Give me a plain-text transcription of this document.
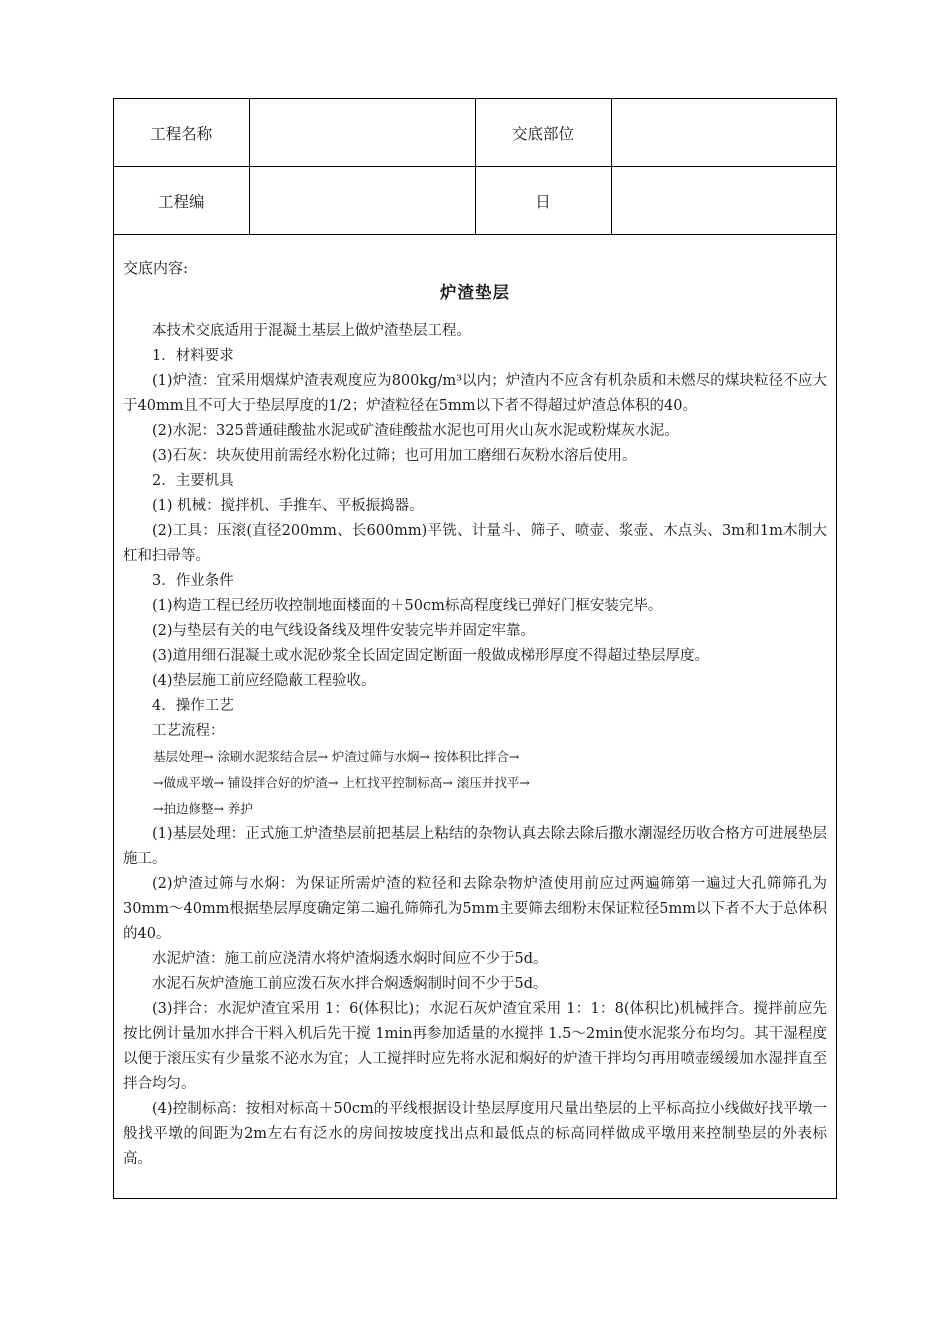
工程名称		交底部位	
工程编		日	
交底内容:
炉渣垫层

本技术交底适用于混凝土基层上做炉渣垫层工程。

1．材料要求

(1)炉渣：宜采用烟煤炉渣表观度应为800kg/m³以内；炉渣内不应含有机杂质和未燃尽的煤块粒径不应大于40mm且不可大于垫层厚度的1/2；炉渣粒径在5mm以下者不得超过炉渣总体积的40。

(2)水泥：325普通硅酸盐水泥或矿渣硅酸盐水泥也可用火山灰水泥或粉煤灰水泥。

(3)石灰：块灰使用前需经水粉化过筛；也可用加工磨细石灰粉水溶后使用。

2．主要机具

(1) 机械：搅拌机、手推车、平板振捣器。

(2)工具：压滚(直径200mm、长600mm)平铣、计量斗、筛子、喷壶、浆壶、木点头、3m和1m木制大杠和扫帚等。

3．作业条件

(1)构造工程已经历收控制地面楼面的＋50cm标高程度线已弹好门框安装完毕。

(2)与垫层有关的电气线设备线及埋件安装完毕并固定牢靠。

(3)道用细石混凝土或水泥砂浆全长固定固定断面一般做成梯形厚度不得超过垫层厚度。

(4)垫层施工前应经隐蔽工程验收。

4．操作工艺

工艺流程：

基层处理→ 涂刷水泥浆结合层→ 炉渣过筛与水焖→ 按体积比拌合→

→做成平墩→ 铺设拌合好的炉渣→ 上杠找平控制标高→ 滚压并找平→

→拍边修整→ 养护

(1)基层处理：正式施工炉渣垫层前把基层上粘结的杂物认真去除去除后撒水潮湿经历收合格方可进展垫层施工。

(2)炉渣过筛与水焖：为保证所需炉渣的粒径和去除杂物炉渣使用前应过两遍筛第一遍过大孔筛筛孔为30mm～40mm根据垫层厚度确定第二遍孔筛筛孔为5mm主要筛去细粉末保证粒径5mm以下者不大于总体积的40。

水泥炉渣：施工前应浇清水将炉渣焖透水焖时间应不少于5d。

水泥石灰炉渣施工前应泼石灰水拌合焖透焖制时间不少于5d。

(3)拌合：水泥炉渣宜采用 1：6(体积比)；水泥石灰炉渣宜采用 1：1：8(体积比)机械拌合。搅拌前应先按比例计量加水拌合干料入机后先干搅 1min再参加适量的水搅拌 1.5～2min使水泥浆分布均匀。其干湿程度以便于滚压实有少量浆不泌水为宜；人工搅拌时应先将水泥和焖好的炉渣干拌均匀再用喷壶缓缓加水湿拌直至拌合均匀。

(4)控制标高：按相对标高＋50cm的平线根据设计垫层厚度用尺量出垫层的上平标高拉小线做好找平墩一般找平墩的间距为2m左右有泛水的房间按坡度找出点和最低点的标高同样做成平墩用来控制垫层的外表标高。
